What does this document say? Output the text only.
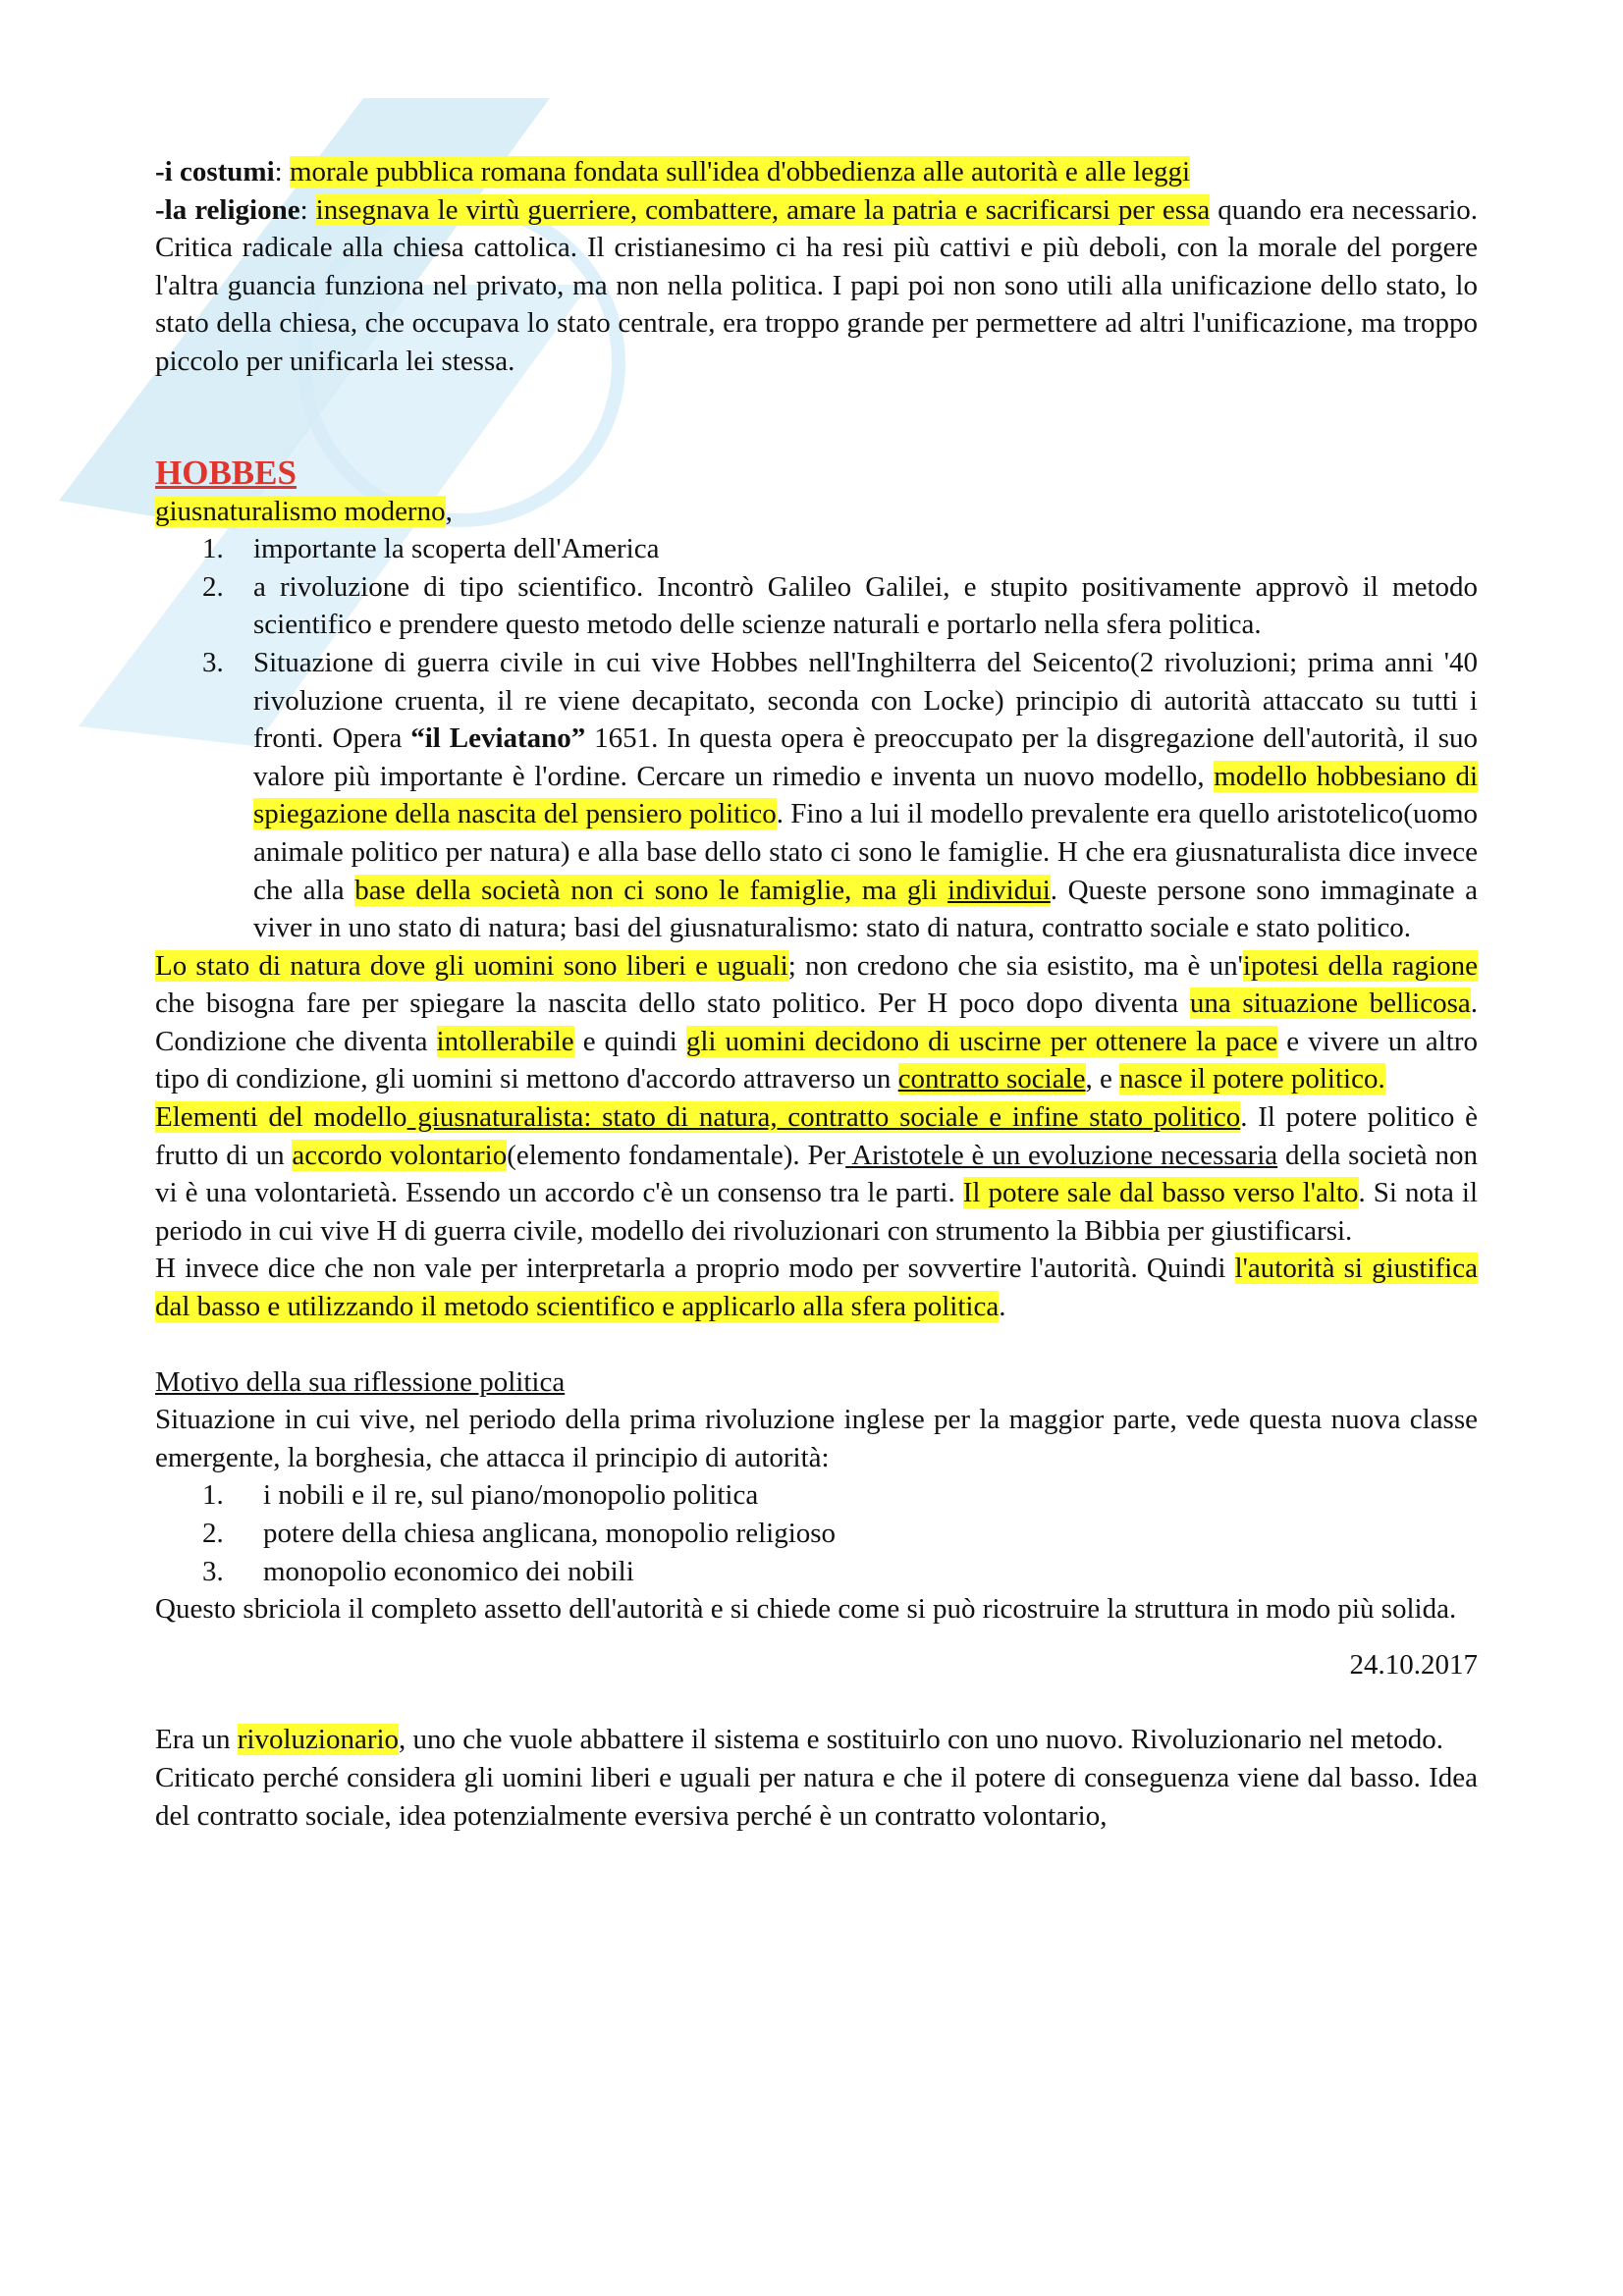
-i costumi: morale pubblica romana fondata sull'idea d'obbedienza alle autorità e alle leggi

-la religione: insegnava le virtù guerriere, combattere, amare la patria e sacrificarsi per essa quando era necessario. Critica radicale alla chiesa cattolica. Il cristianesimo ci ha resi più cattivi e più deboli, con la morale del porgere l'altra guancia funziona nel privato, ma non nella politica. I papi poi non sono utili alla unificazione dello stato, lo stato della chiesa, che occupava lo stato centrale, era troppo grande per permettere ad altri l'unificazione, ma troppo piccolo per unificarla lei stessa.

HOBBES

giusnaturalismo moderno,

1. importante la scoperta dell'America
2. a rivoluzione di tipo scientifico. Incontrò Galileo Galilei, e stupito positivamente approvò il metodo scientifico e prendere questo metodo delle scienze naturali e portarlo nella sfera politica.
3. Situazione di guerra civile in cui vive Hobbes nell'Inghilterra del Seicento(2 rivoluzioni; prima anni '40 rivoluzione cruenta, il re viene decapitato, seconda con Locke) principio di autorità attaccato su tutti i fronti. Opera “il Leviatano” 1651. In questa opera è preoccupato per la disgregazione dell'autorità, il suo valore più importante è l'ordine. Cercare un rimedio e inventa un nuovo modello, modello hobbesiano di spiegazione della nascita del pensiero politico. Fino a lui il modello prevalente era quello aristotelico(uomo animale politico per natura) e alla base dello stato ci sono le famiglie. H che era giusnaturalista dice invece che alla base della società non ci sono le famiglie, ma gli individui. Queste persone sono immaginate a viver in uno stato di natura; basi del giusnaturalismo: stato di natura, contratto sociale e stato politico.

Lo stato di natura dove gli uomini sono liberi e uguali; non credono che sia esistito, ma è un'ipotesi della ragione che bisogna fare per spiegare la nascita dello stato politico. Per H poco dopo diventa una situazione bellicosa. Condizione che diventa intollerabile e quindi gli uomini decidono di uscirne per ottenere la pace e vivere un altro tipo di condizione, gli uomini si mettono d'accordo attraverso un contratto sociale, e nasce il potere politico.

Elementi del modello giusnaturalista: stato di natura, contratto sociale e infine stato politico. Il potere politico è frutto di un accordo volontario(elemento fondamentale). Per Aristotele è un evoluzione necessaria della società non vi è una volontarietà. Essendo un accordo c'è un consenso tra le parti. Il potere sale dal basso verso l'alto. Si nota il periodo in cui vive H di guerra civile, modello dei rivoluzionari con strumento la Bibbia per giustificarsi.

H invece dice che non vale per interpretarla a proprio modo per sovvertire l'autorità. Quindi l'autorità si giustifica dal basso e utilizzando il metodo scientifico e applicarlo alla sfera politica.

Motivo della sua riflessione politica

Situazione in cui vive, nel periodo della prima rivoluzione inglese per la maggior parte, vede questa nuova classe emergente, la borghesia, che attacca il principio di autorità:

1. i nobili e il re, sul piano/monopolio politica
2. potere della chiesa anglicana, monopolio religioso
3. monopolio economico dei nobili

Questo sbriciola il completo assetto dell'autorità e si chiede come si può ricostruire la struttura in modo più solida.

24.10.2017

Era un rivoluzionario, uno che vuole abbattere il sistema e sostituirlo con uno nuovo. Rivoluzionario nel metodo.

Criticato perché considera gli uomini liberi e uguali per natura e che il potere di conseguenza viene dal basso. Idea del contratto sociale, idea potenzialmente eversiva perché è un contratto volontario,
